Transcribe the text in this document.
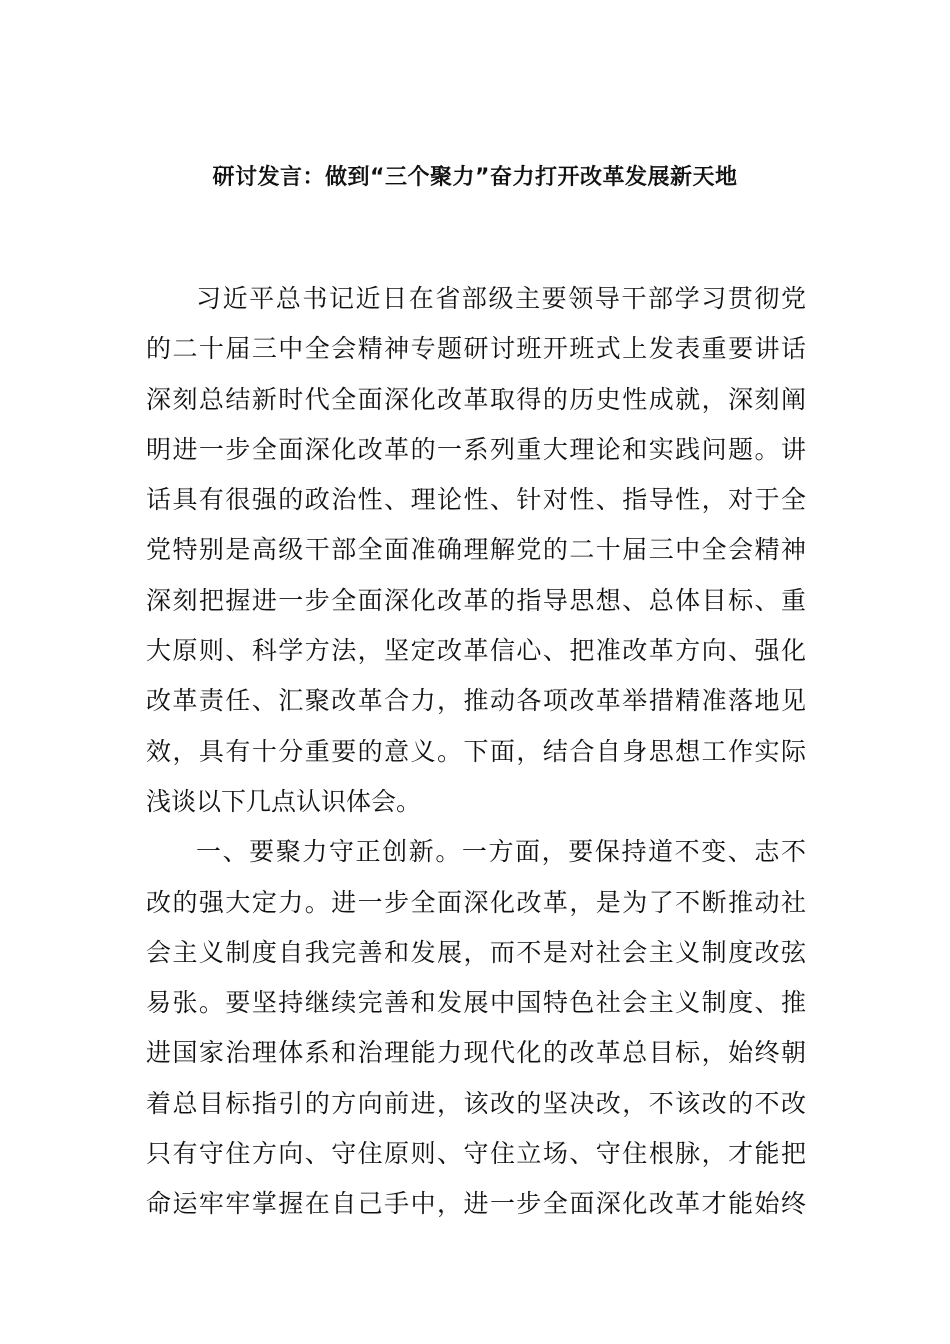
研讨发言：做到“三个聚力”奋力打开改革发展新天地
习近平总书记近日在省部级主要领导干部学习贯彻党
的二十届三中全会精神专题研讨班开班式上发表重要讲话
深刻总结新时代全面深化改革取得的历史性成就，深刻阐
明进一步全面深化改革的一系列重大理论和实践问题。讲
话具有很强的政治性、理论性、针对性、指导性，对于全
党特别是高级干部全面准确理解党的二十届三中全会精神
深刻把握进一步全面深化改革的指导思想、总体目标、重
大原则、科学方法，坚定改革信心、把准改革方向、强化
改革责任、汇聚改革合力，推动各项改革举措精准落地见
效，具有十分重要的意义。下面，结合自身思想工作实际
浅谈以下几点认识体会。
一、要聚力守正创新。一方面，要保持道不变、志不
改的强大定力。进一步全面深化改革，是为了不断推动社
会主义制度自我完善和发展，而不是对社会主义制度改弦
易张。要坚持继续完善和发展中国特色社会主义制度、推
进国家治理体系和治理能力现代化的改革总目标，始终朝
着总目标指引的方向前进，该改的坚决改，不该改的不改
只有守住方向、守住原则、守住立场、守住根脉，才能把
命运牢牢掌握在自己手中，进一步全面深化改革才能始终
